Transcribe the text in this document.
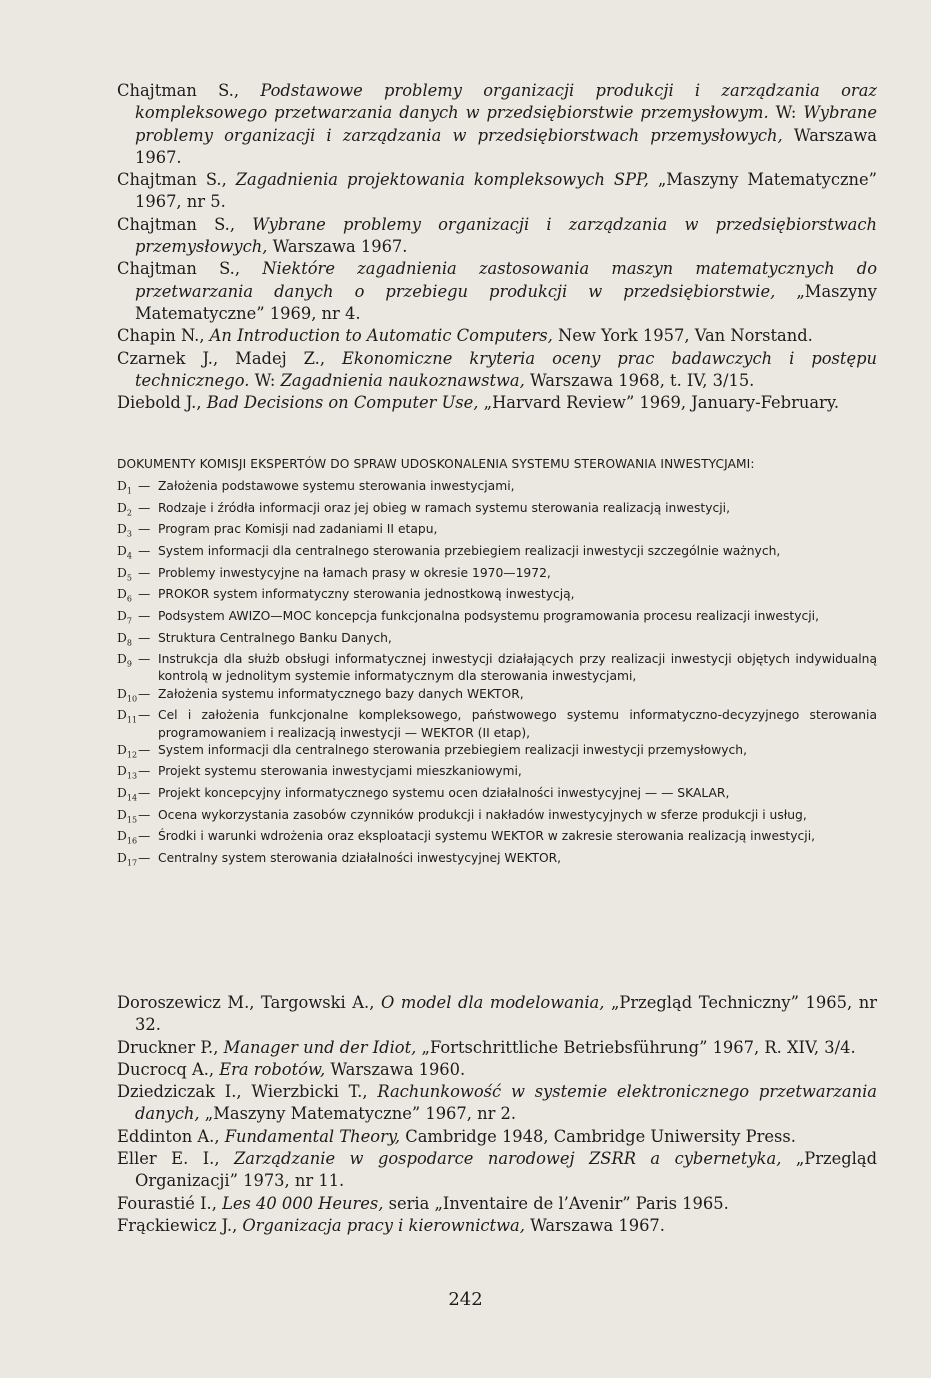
Chajtman S., Podstawowe problemy organizacji produkcji i zarządzania oraz kompleksowego przetwarzania danych w przedsiębiorstwie przemysłowym. W: Wybrane problemy organizacji i zarządzania w przedsiębiorstwach przemysłowych, Warszawa 1967.

Chajtman S., Zagadnienia projektowania kompleksowych SPP, „Maszyny Matematyczne” 1967, nr 5.

Chajtman S., Wybrane problemy organizacji i zarządzania w przedsiębiorstwach przemysłowych, Warszawa 1967.

Chajtman S., Niektóre zagadnienia zastosowania maszyn matematycznych do przetwarzania danych o przebiegu produkcji w przedsiębiorstwie, „Maszyny Matematyczne” 1969, nr 4.

Chapin N., An Introduction to Automatic Computers, New York 1957, Van Norstand.

Czarnek J., Madej Z., Ekonomiczne kryteria oceny prac badawczych i postępu technicznego. W: Zagadnienia naukoznawstwa, Warszawa 1968, t. IV, 3/15.

Diebold J., Bad Decisions on Computer Use, „Harvard Review” 1969, January-February.

DOKUMENTY KOMISJI EKSPERTÓW DO SPRAW UDOSKONALENIA SYSTEMU STEROWANIA INWESTYCJAMI:

$D_1$ — Założenia podstawowe systemu sterowania inwestycjami,
$D_2$ — Rodzaje i źródła informacji oraz jej obieg w ramach systemu sterowania realizacją inwestycji,
$D_3$ — Program prac Komisji nad zadaniami II etapu,
$D_4$ — System informacji dla centralnego sterowania przebiegiem realizacji inwestycji szczególnie ważnych,
$D_5$ — Problemy inwestycyjne na łamach prasy w okresie 1970—1972,
$D_6$ — PROKOR system informatyczny sterowania jednostkową inwestycją,
$D_7$ — Podsystem AWIZO—MOC koncepcja funkcjonalna podsystemu programowania procesu realizacji inwestycji,
$D_8$ — Struktura Centralnego Banku Danych,
$D_9$ — Instrukcja dla służb obsługi informatycznej inwestycji działających przy realizacji inwestycji objętych indywidualną kontrolą w jednolitym systemie informatycznym dla sterowania inwestycjami,
$D_{10}$ — Założenia systemu informatycznego bazy danych WEKTOR,
$D_{11}$ — Cel i założenia funkcjonalne kompleksowego, państwowego systemu informatyczno-decyzyjnego sterowania programowaniem i realizacją inwestycji — WEKTOR (II etap),
$D_{12}$ — System informacji dla centralnego sterowania przebiegiem realizacji inwestycji przemysłowych,
$D_{13}$ — Projekt systemu sterowania inwestycjami mieszkaniowymi,
$D_{14}$ — Projekt koncepcyjny informatycznego systemu ocen działalności inwestycyjnej — — SKALAR,
$D_{15}$ — Ocena wykorzystania zasobów czynników produkcji i nakładów inwestycyjnych w sferze produkcji i usług,
$D_{16}$ — Środki i warunki wdrożenia oraz eksploatacji systemu WEKTOR w zakresie sterowania realizacją inwestycji,
$D_{17}$ — Centralny system sterowania działalności inwestycyjnej WEKTOR,

Doroszewicz M., Targowski A., O model dla modelowania, „Przegląd Techniczny” 1965, nr 32.

Druckner P., Manager und der Idiot, „Fortschrittliche Betriebsführung” 1967, R. XIV, 3/4.

Ducrocq A., Era robotów, Warszawa 1960.

Dziedziczak I., Wierzbicki T., Rachunkowość w systemie elektronicznego przetwarzania danych, „Maszyny Matematyczne” 1967, nr 2.

Eddinton A., Fundamental Theory, Cambridge 1948, Cambridge Uniwersity Press.

Eller E. I., Zarządzanie w gospodarce narodowej ZSRR a cybernetyka, „Przegląd Organizacji” 1973, nr 11.

Fourastié I., Les 40 000 Heures, seria „Inventaire de l’Avenir” Paris 1965.

Frąckiewicz J., Organizacja pracy i kierownictwa, Warszawa 1967.

242
